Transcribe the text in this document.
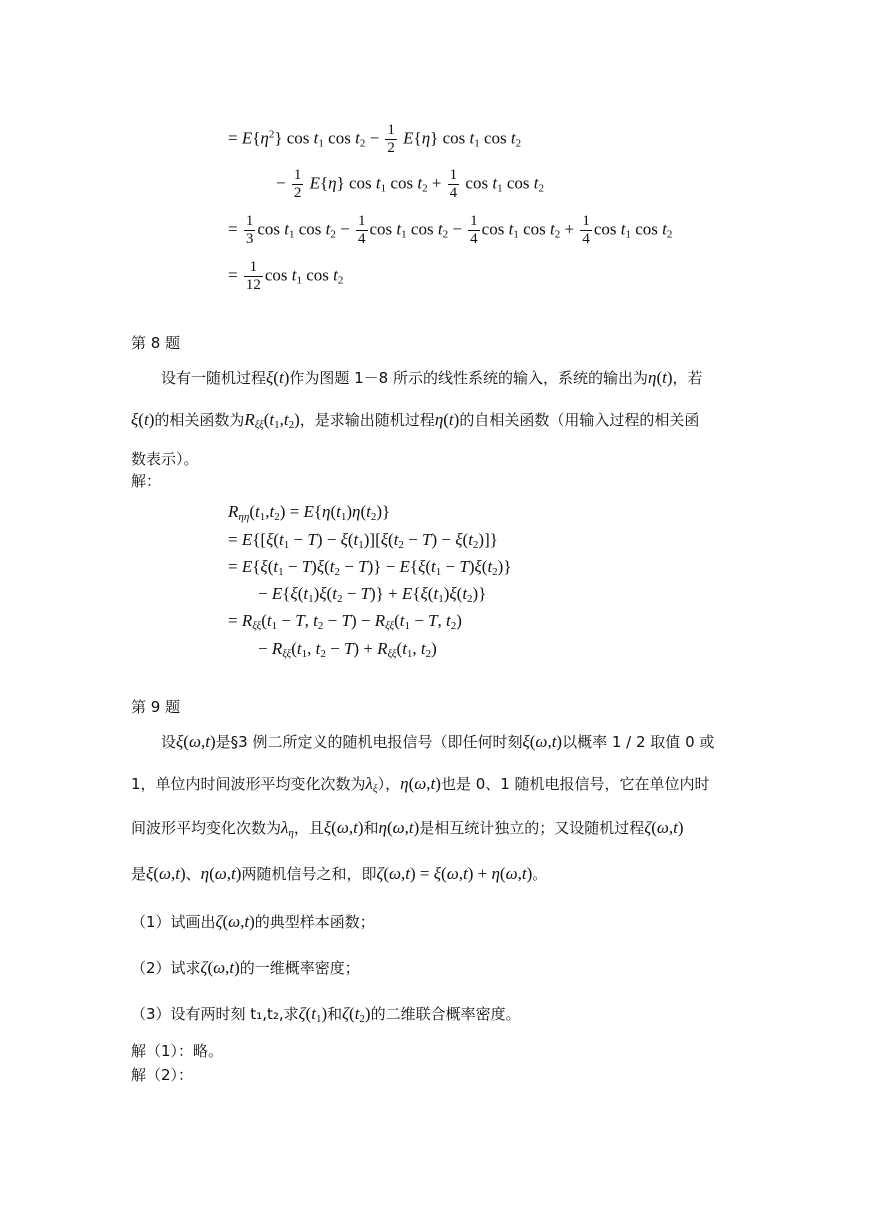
= $E\{\eta^2\}$ $\cos t_1$ $\cos t_2 - \frac{1}{2} E\{\eta\}$ $\cos t_1$ $\cos t_2$
− $\frac{1}{2} E\{\eta\}$ $\cos t_1$ $\cos t_2 + \frac{1}{4}$ $\cos t_1$ $\cos t_2$
= $\frac{1}{3}$ $\cos t_1$ $\cos t_2 - \frac{1}{4}$ $\cos t_1$ $\cos t_2 - \frac{1}{4}$ $\cos t_1$ $\cos t_2 + \frac{1}{4}$ $\cos t_1$ $\cos t_2$
= $\frac{1}{12}$ $\cos t_1$ $\cos t_2$
第 8 题
设有一随机过程ξ(t)作为图题 1－8 所示的线性系统的输入，系统的输出为η(t)，若
ξ(t)的相关函数为$R_{\xi\xi}(t_1,t_2)$，是求输出随机过程η(t)的自相关函数（用输入过程的相关函
数表示）。
解：
$R_{\eta\eta}(t_1,t_2) = E\{\eta(t_1)\eta(t_2)\}$
= $E\{[\xi(t_1 - T) - \xi(t_1)][\xi(t_2 - T) - \xi(t_2)]\}$
= $E\{\xi(t_1 - T)\xi(t_2 - T)\} - E\{\xi(t_1 - T)\xi(t_2)\}$
− $E\{\xi(t_1)\xi(t_2 - T)\} + E\{\xi(t_1)\xi(t_2)\}$
= $R_{\xi\xi}(t_1 - T$, $t_2 - T) - R_{\xi\xi}(t_1 - T$, $t_2$)
− $R_{\xi\xi}(t_1$, $t_2 - T) + R_{\xi\xi}(t_1$, $t_2$)
第 9 题
设ξ(ω,t)是§3 例二所定义的随机电报信号（即任何时刻ξ(ω,t)以概率 1 / 2 取值 0 或
1，单位内时间波形平均变化次数为$\lambda_\xi$），η(ω,t)也是 0、1 随机电报信号，它在单位内时
间波形平均变化次数为$\lambda_\eta$，且ξ(ω,t)和η(ω,t)是相互统计独立的；又设随机过程ζ(ω,t)
是ξ(ω,t)、η(ω,t)两随机信号之和，即ζ(ω,t) = ξ(ω,t) + η(ω,t)。
（1）试画出ζ(ω,t)的典型样本函数；
（2）试求ζ(ω,t)的一维概率密度；
（3）设有两时刻 t₁,t₂,求$\zeta(t_1)$和$\zeta(t_2)$的二维联合概率密度。
解（1）：略。
解（2）：
